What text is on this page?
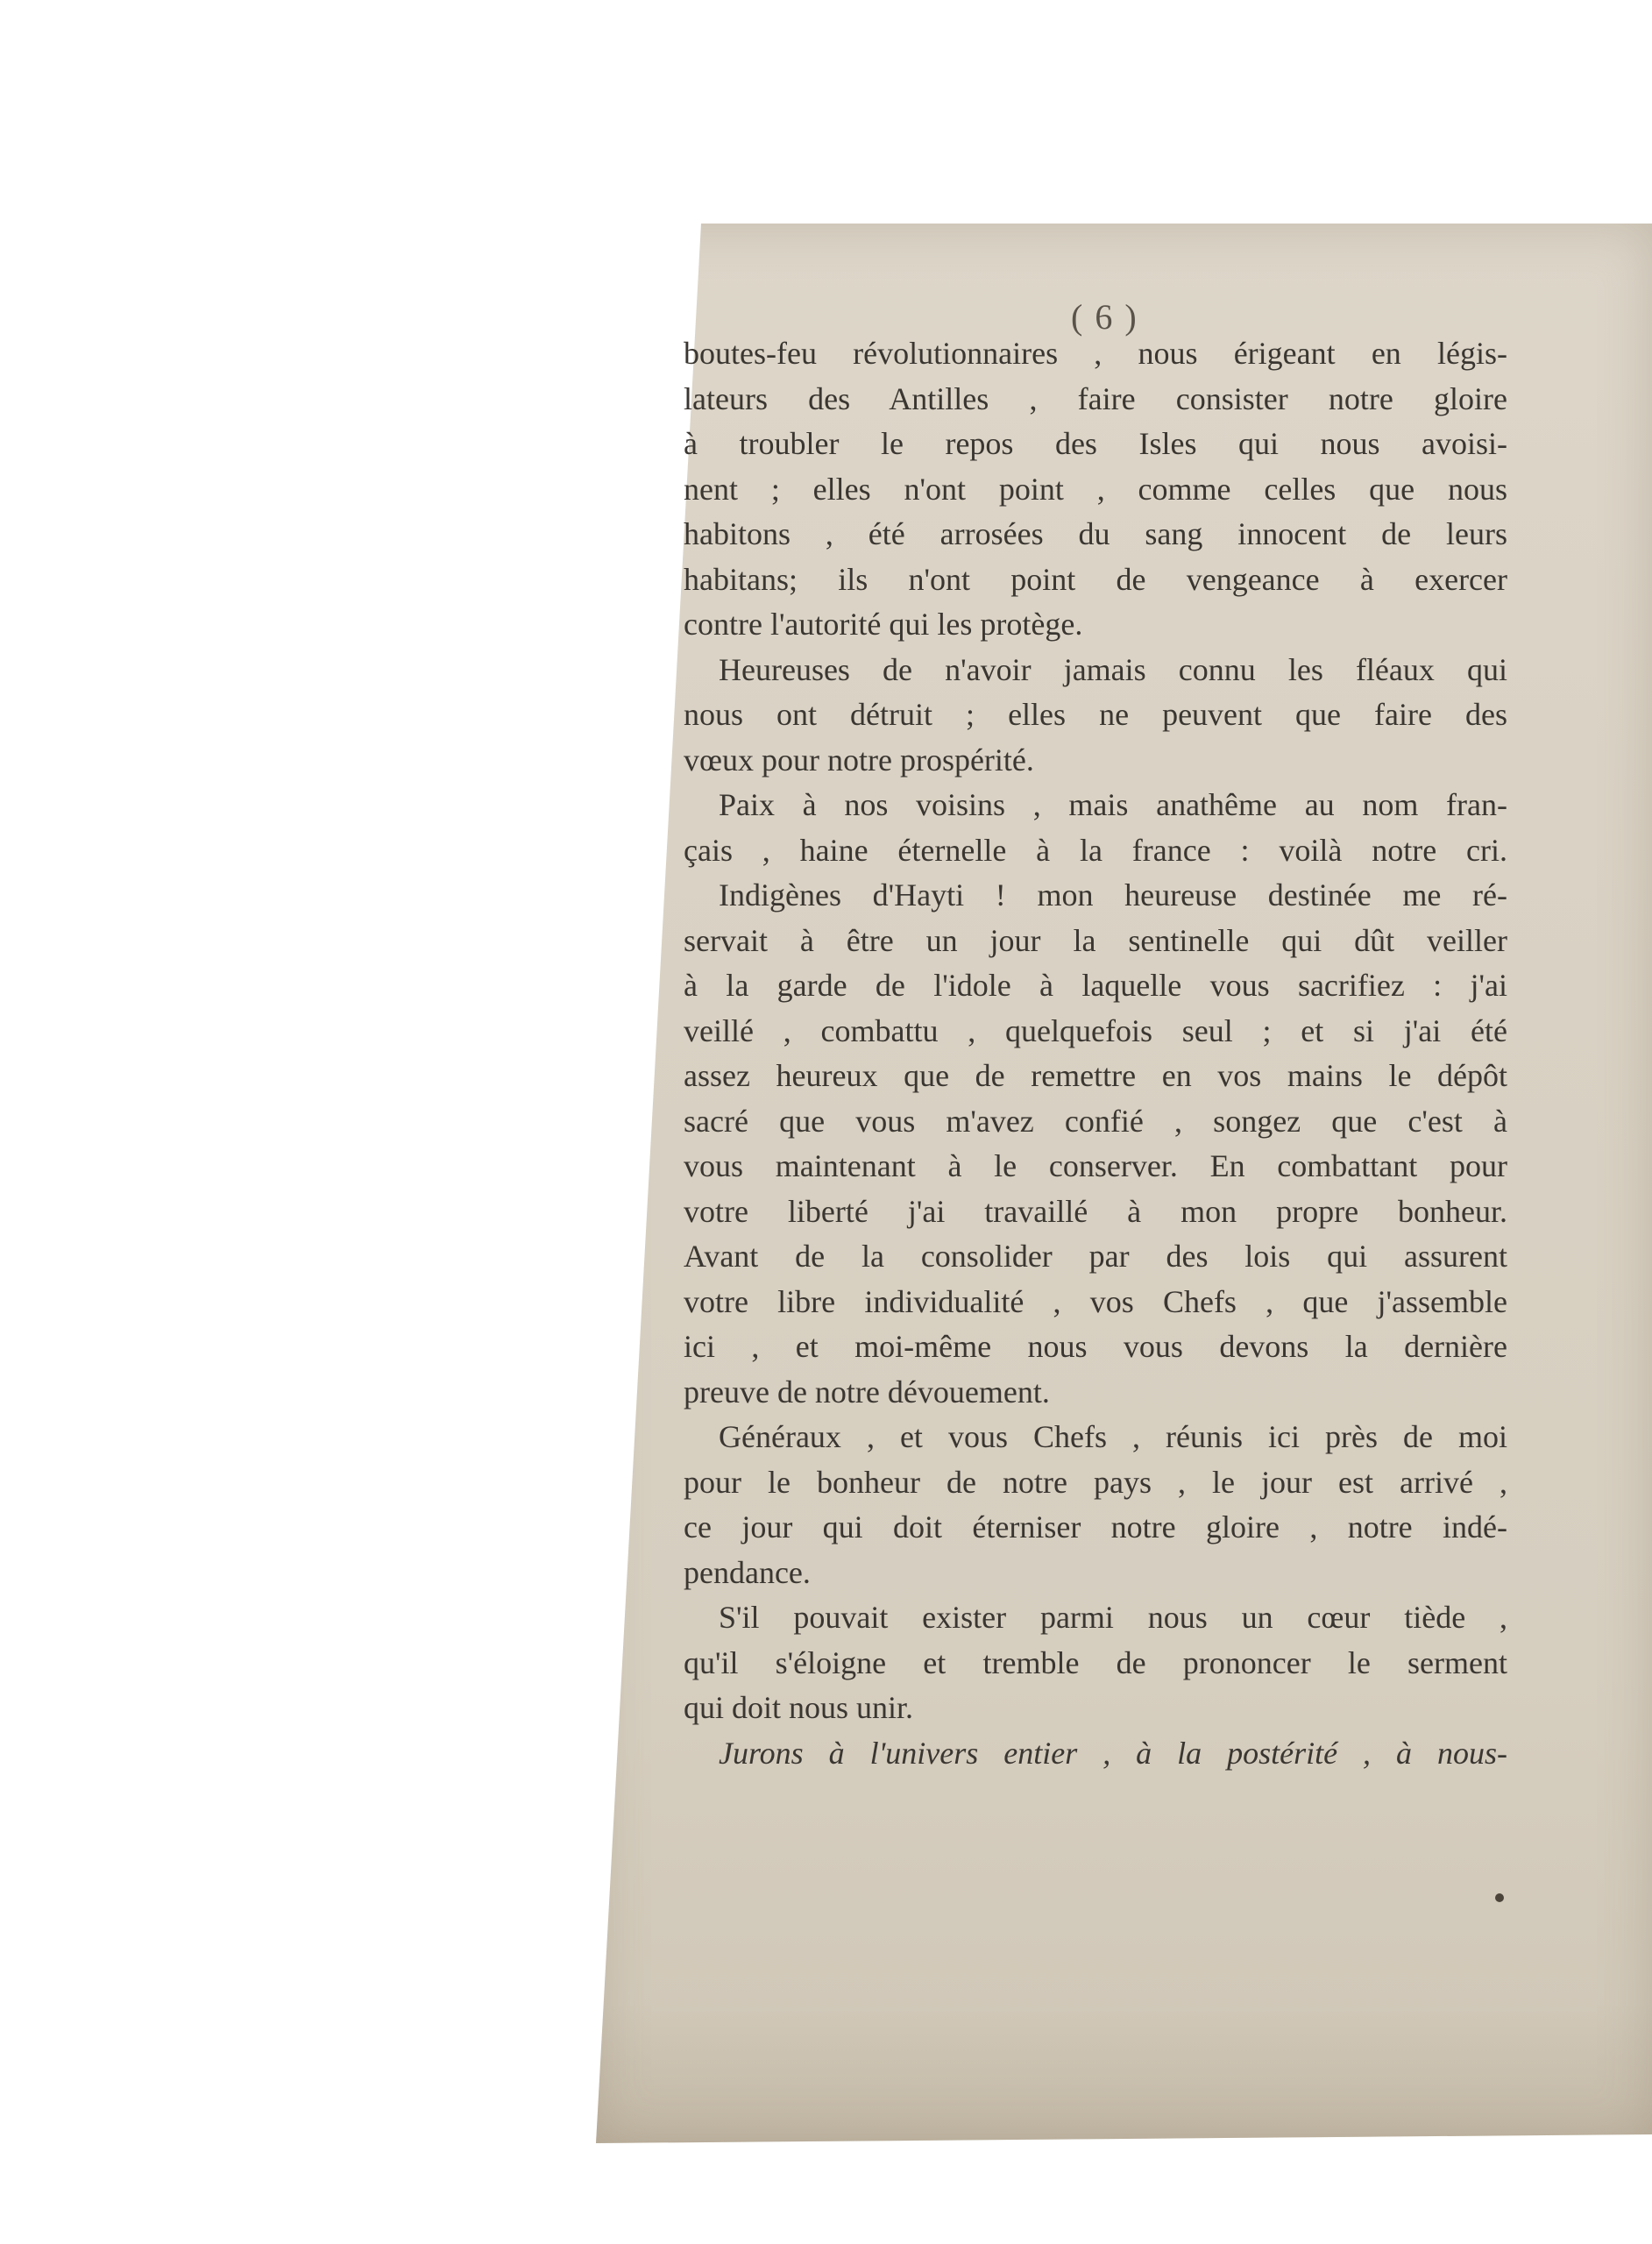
( 6 )
boutes-feu révolutionnaires , nous érigeant en légis-
lateurs des Antilles , faire consister notre gloire
à troubler le repos des Isles qui nous avoisi-
nent ; elles n'ont point , comme celles que nous
habitons , été arrosées du sang innocent de leurs
habitans; ils n'ont point de vengeance à exercer
contre l'autorité qui les protège.
Heureuses de n'avoir jamais connu les fléaux qui
nous ont détruit ; elles ne peuvent que faire des
vœux pour notre prospérité.
Paix à nos voisins , mais anathême au nom fran-
çais , haine éternelle à la france : voilà notre cri.
Indigènes d'Hayti ! mon heureuse destinée me ré-
servait à être un jour la sentinelle qui dût veiller
à la garde de l'idole à laquelle vous sacrifiez : j'ai
veillé , combattu , quelquefois seul ; et si j'ai été
assez heureux que de remettre en vos mains le dépôt
sacré que vous m'avez confié , songez que c'est à
vous maintenant à le conserver. En combattant pour
votre liberté j'ai travaillé à mon propre bonheur.
Avant de la consolider par des lois qui assurent
votre libre individualité , vos Chefs , que j'assemble
ici , et moi-même nous vous devons la dernière
preuve de notre dévouement.
Généraux , et vous Chefs , réunis ici près de moi
pour le bonheur de notre pays , le jour est arrivé ,
ce jour qui doit éterniser notre gloire , notre indé-
pendance.
S'il pouvait exister parmi nous un cœur tiède ,
qu'il s'éloigne et tremble de prononcer le serment
qui doit nous unir.
Jurons à l'univers entier , à la postérité , à nous-
